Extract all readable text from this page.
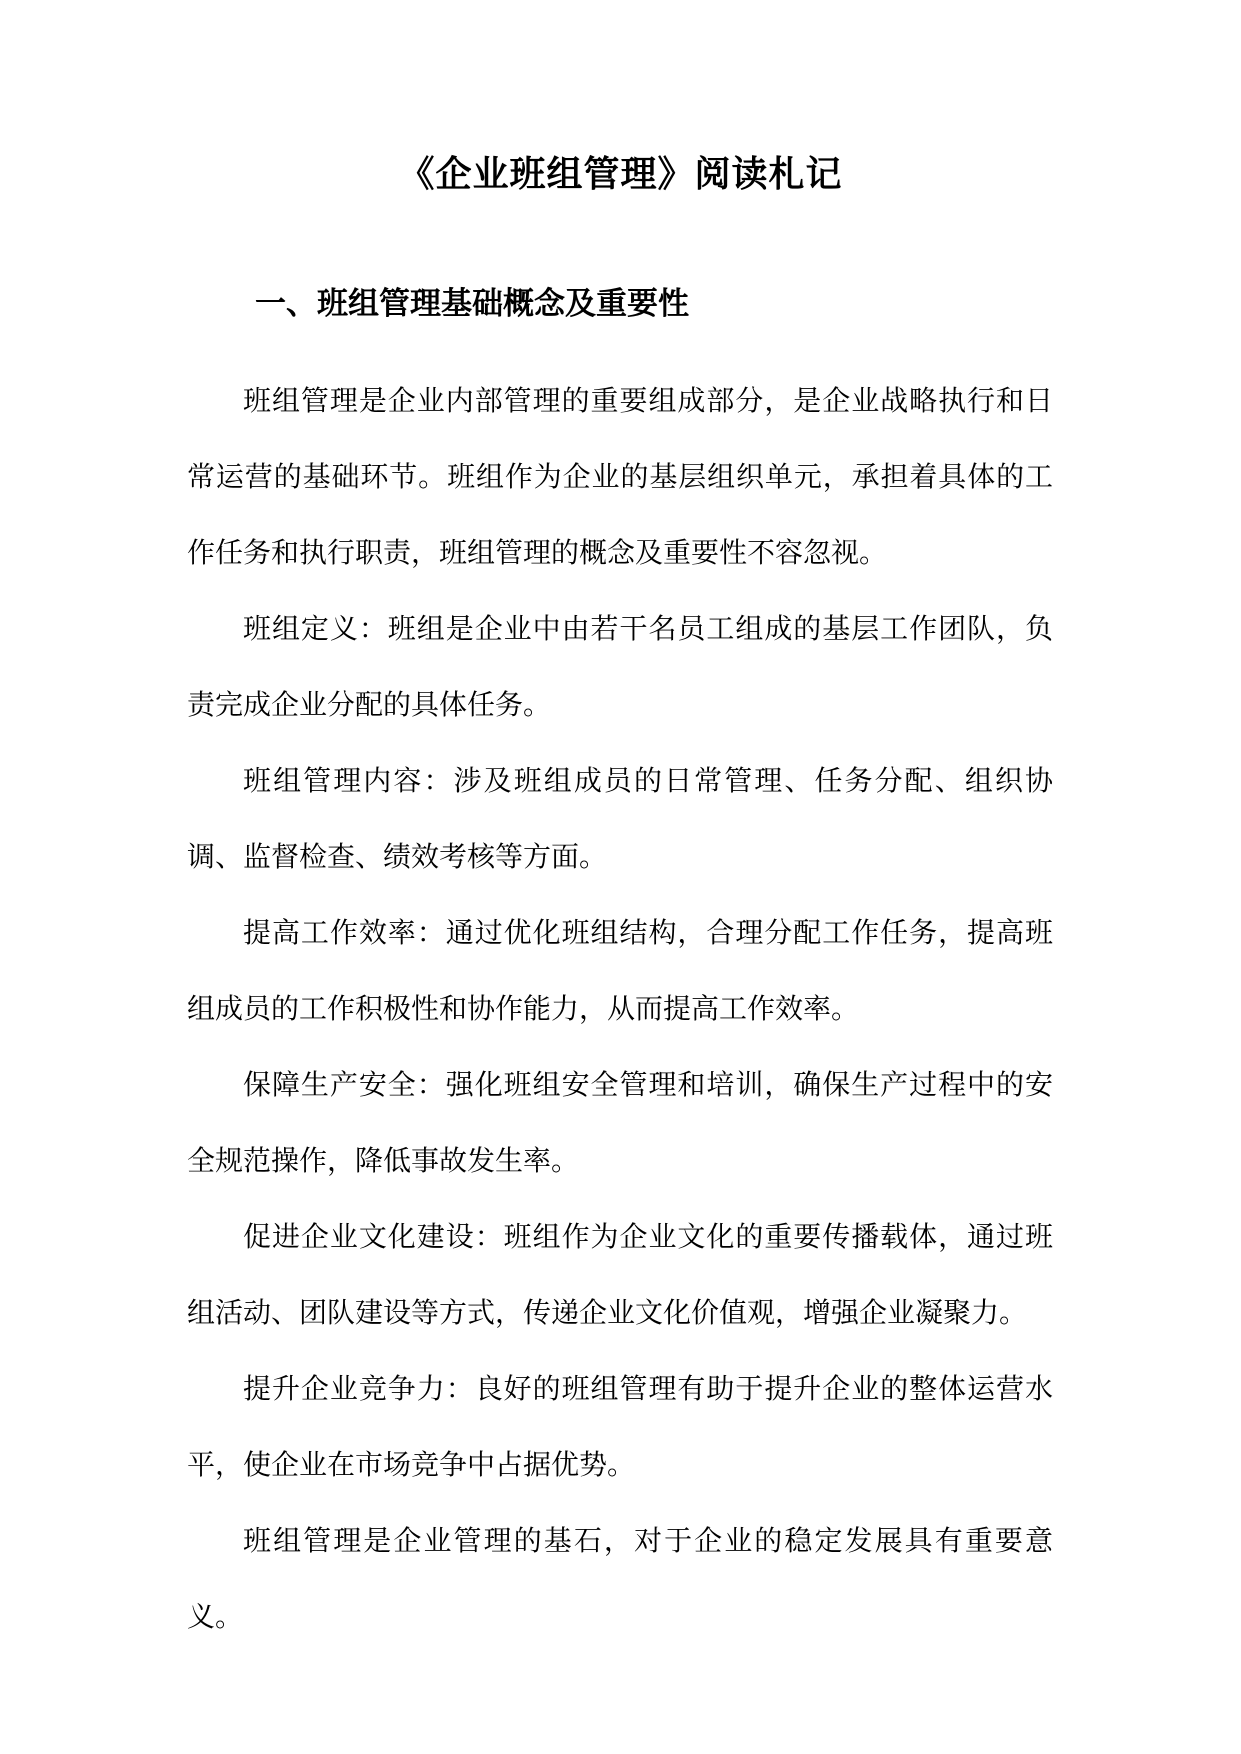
《企业班组管理》阅读札记
一、班组管理基础概念及重要性

班组管理是企业内部管理的重要组成部分，是企业战略执行和日常运营的基础环节。班组作为企业的基层组织单元，承担着具体的工作任务和执行职责，班组管理的概念及重要性不容忽视。

班组定义：班组是企业中由若干名员工组成的基层工作团队，负责完成企业分配的具体任务。

班组管理内容：涉及班组成员的日常管理、任务分配、组织协调、监督检查、绩效考核等方面。

提高工作效率：通过优化班组结构，合理分配工作任务，提高班组成员的工作积极性和协作能力，从而提高工作效率。

保障生产安全：强化班组安全管理和培训，确保生产过程中的安全规范操作，降低事故发生率。

促进企业文化建设：班组作为企业文化的重要传播载体，通过班组活动、团队建设等方式，传递企业文化价值观，增强企业凝聚力。

提升企业竞争力：良好的班组管理有助于提升企业的整体运营水平，使企业在市场竞争中占据优势。

班组管理是企业管理的基石，对于企业的稳定发展具有重要意义。
